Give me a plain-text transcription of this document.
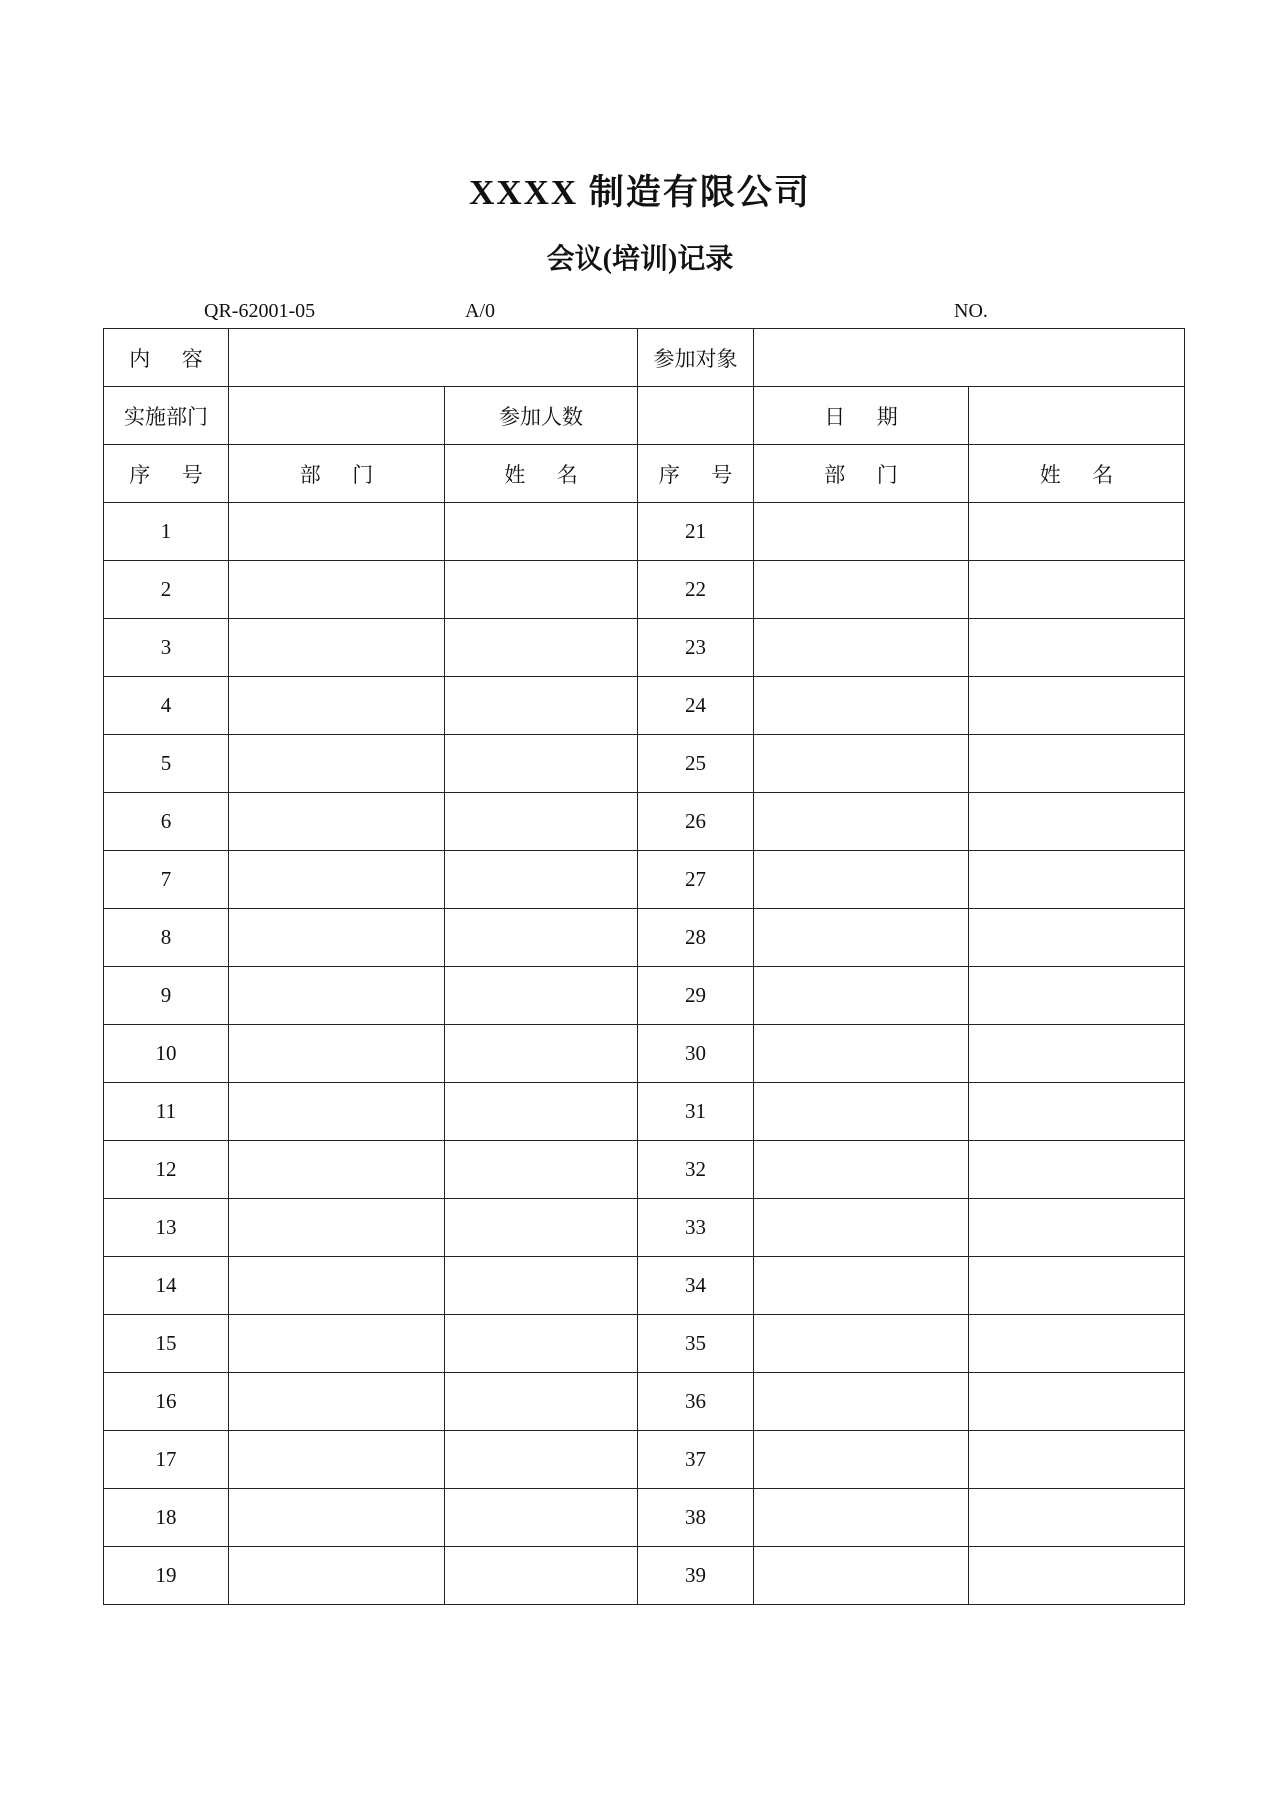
XXXX 制造有限公司
会议(培训)记录
QR-62001-05	A/0	NO.
内      容			参加对象		
实施部门		参加人数		日      期	
序      号	部      门	姓      名	序      号	部      门	姓      名
1			21		
2			22		
3			23		
4			24		
5			25		
6			26		
7			27		
8			28		
9			29		
10			30		
11			31		
12			32		
13			33		
14			34		
15			35		
16			36		
17			37		
18			38		
19			39		
